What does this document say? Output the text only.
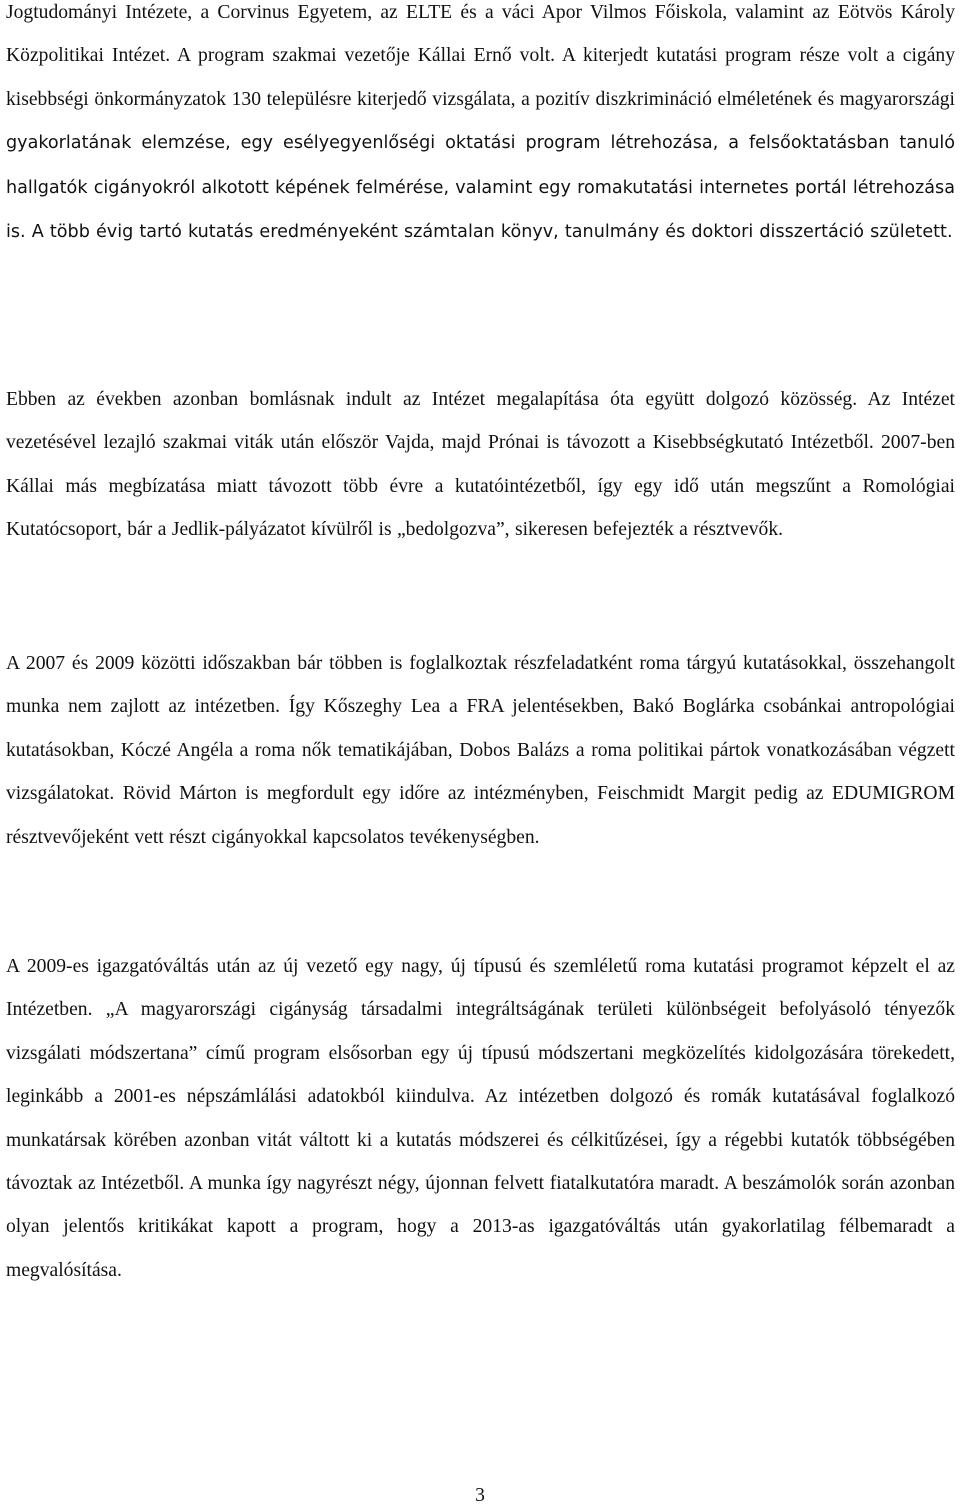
Jogtudományi Intézete, a Corvinus Egyetem, az ELTE és a váci Apor Vilmos Főiskola, valamint az Eötvös Károly Közpolitikai Intézet. A program szakmai vezetője Kállai Ernő volt. A kiterjedt kutatási program része volt a cigány kisebbségi önkormányzatok 130 településre kiterjedő vizsgálata, a pozitív diszkrimináció elméletének és magyarországi gyakorlatának elemzése, egy esélyegyenlőségi oktatási program létrehozása, a felsőoktatásban tanuló hallgatók cigányokról alkotott képének felmérése, valamint egy romakutatási internetes portál létrehozása is. A több évig tartó kutatás eredményeként számtalan könyv, tanulmány és doktori disszertáció született.

Ebben az években azonban bomlásnak indult az Intézet megalapítása óta együtt dolgozó közösség. Az Intézet vezetésével lezajló szakmai viták után először Vajda, majd Prónai is távozott a Kisebbségkutató Intézetből. 2007-ben Kállai más megbízatása miatt távozott több évre a kutatóintézetből, így egy idő után megszűnt a Romológiai Kutatócsoport, bár a Jedlik-pályázatot kívülről is „bedolgozva”, sikeresen befejezték a résztvevők.

A 2007 és 2009 közötti időszakban bár többen is foglalkoztak részfeladatként roma tárgyú kutatásokkal, összehangolt munka nem zajlott az intézetben. Így Kőszeghy Lea a FRA jelentésekben, Bakó Boglárka csobánkai antropológiai kutatásokban, Kóczé Angéla a roma nők tematikájában, Dobos Balázs a roma politikai pártok vonatkozásában végzett vizsgálatokat. Rövid Márton is megfordult egy időre az intézményben, Feischmidt Margit pedig az EDUMIGROM résztvevőjeként vett részt cigányokkal kapcsolatos tevékenységben.

A 2009-es igazgatóváltás után az új vezető egy nagy, új típusú és szemléletű roma kutatási programot képzelt el az Intézetben. „A magyarországi cigányság társadalmi integráltságának területi különbségeit befolyásoló tényezők vizsgálati módszertana” című program elsősorban egy új típusú módszertani megközelítés kidolgozására törekedett, leginkább a 2001-es népszámlálási adatokból kiindulva. Az intézetben dolgozó és romák kutatásával foglalkozó munkatársak körében azonban vitát váltott ki a kutatás módszerei és célkitűzései, így a régebbi kutatók többségében távoztak az Intézetből. A munka így nagyrészt négy, újonnan felvett fiatalkutatóra maradt. A beszámolók során azonban olyan jelentős kritikákat kapott a program, hogy a 2013-as igazgatóváltás után gyakorlatilag félbemaradt a megvalósítása.

3
